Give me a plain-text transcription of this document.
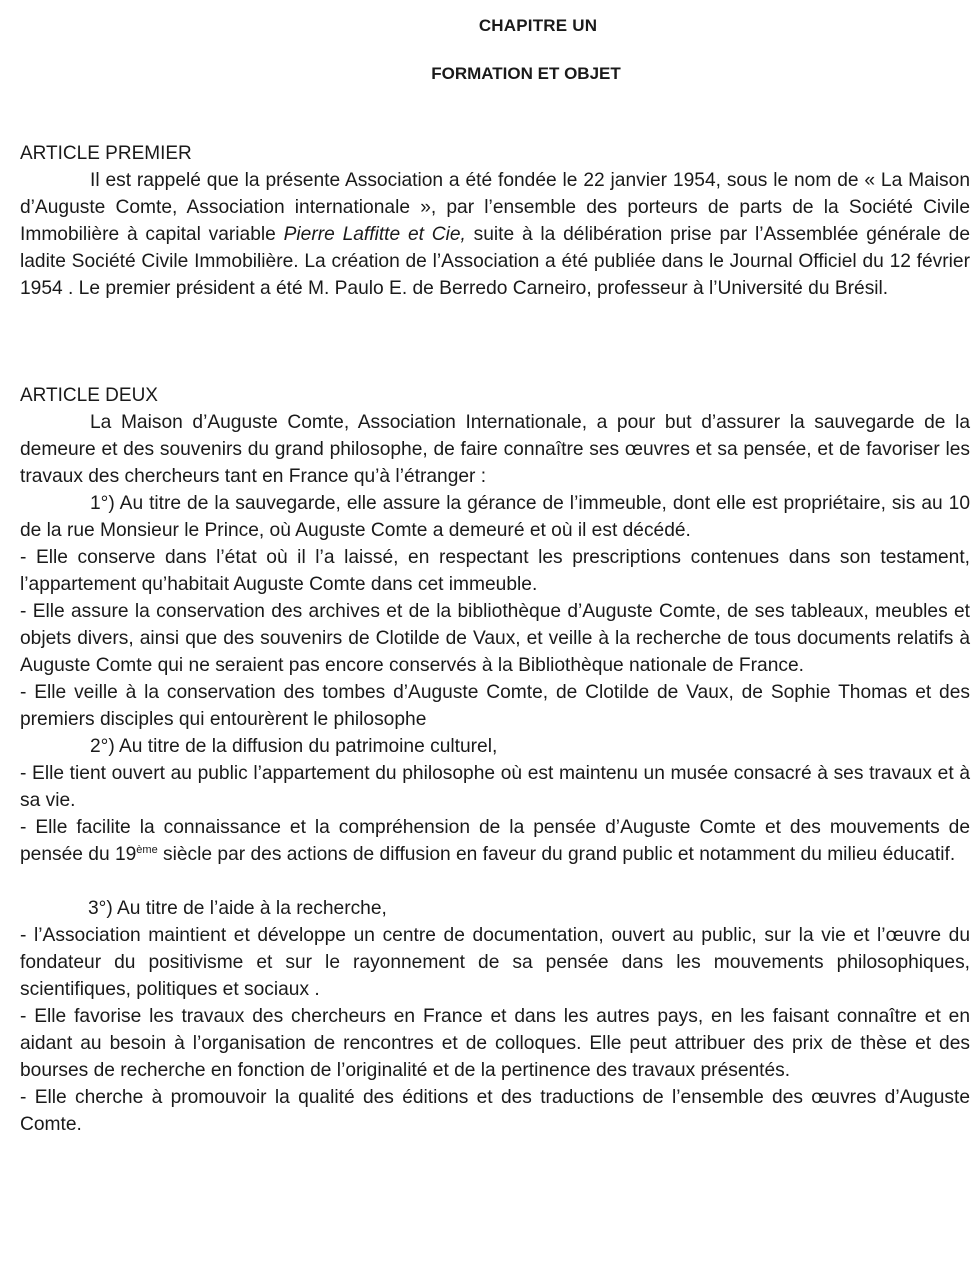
CHAPITRE UN
FORMATION ET OBJET
ARTICLE PREMIER

Il est rappelé que la présente Association a été fondée le 22 janvier 1954, sous le nom de « La Maison d’Auguste Comte, Association internationale », par l’ensemble des porteurs de parts de la Société Civile Immobilière à capital variable Pierre Laffitte et Cie, suite à la délibération prise par l’Assemblée générale de ladite Société Civile Immobilière. La création de l’Association a été publiée dans le Journal Officiel du 12 février 1954 . Le premier président a été M. Paulo E. de Berredo Carneiro, professeur à l’Université du Brésil.

ARTICLE DEUX

La Maison d’Auguste Comte, Association Internationale, a pour but d’assurer la sauvegarde de la demeure et des souvenirs du grand philosophe, de faire connaître ses œuvres et sa pensée, et de favoriser les travaux des chercheurs tant en France qu’à l’étranger :

1°) Au titre de la sauvegarde, elle assure la gérance de l’immeuble, dont elle est propriétaire, sis au 10 de la rue Monsieur le Prince, où Auguste Comte a demeuré et où il est décédé.

- Elle conserve dans l’état où il l’a laissé, en respectant les prescriptions contenues dans son testament, l’appartement qu’habitait Auguste Comte dans cet immeuble.

- Elle assure la conservation des archives et de la bibliothèque d’Auguste Comte, de ses tableaux, meubles et objets divers, ainsi que des souvenirs de Clotilde de Vaux, et veille à la recherche de tous documents relatifs à Auguste Comte qui ne seraient pas encore conservés à la Bibliothèque nationale de France.

- Elle veille à la conservation des tombes d’Auguste Comte, de Clotilde de Vaux, de Sophie Thomas et des premiers disciples qui entourèrent le philosophe

2°) Au titre de la diffusion du patrimoine culturel,

- Elle tient ouvert au public l’appartement du philosophe où est maintenu un musée consacré à ses travaux et à sa vie.

- Elle facilite la connaissance et la compréhension de la pensée d’Auguste Comte et des mouvements de pensée du 19ème siècle par des actions de diffusion en faveur du grand public et notamment du milieu éducatif.

3°) Au titre de l’aide à la recherche,

- l’Association maintient et développe un centre de documentation, ouvert au public, sur la vie et l’œuvre du fondateur du positivisme et sur le rayonnement de sa pensée dans les mouvements philosophiques, scientifiques, politiques et sociaux .

- Elle favorise les travaux des chercheurs en France et dans les autres pays, en les faisant connaître et en aidant au besoin à l’organisation de rencontres et de colloques. Elle peut attribuer des prix de thèse et des bourses de recherche en fonction de l’originalité et de la pertinence des travaux présentés.

- Elle cherche à promouvoir la qualité des éditions et des traductions de l’ensemble des œuvres d’Auguste Comte.
